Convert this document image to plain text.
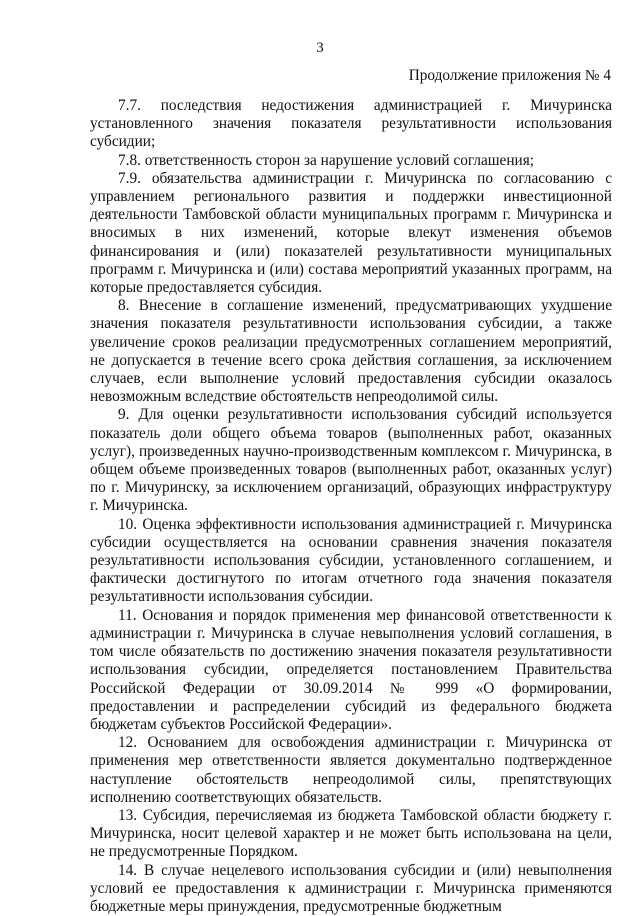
3
Продолжение приложения № 4

7.7. последствия недостижения администрацией г. Мичуринска установленного значения показателя результативности использования субсидии;

7.8. ответственность сторон за нарушение условий соглашения;

7.9. обязательства администрации г. Мичуринска по согласованию с управлением регионального развития и поддержки инвестиционной деятельности Тамбовской области муниципальных программ г. Мичуринска и вносимых в них изменений, которые влекут изменения объемов финансирования и (или) показателей результативности муниципальных программ г. Мичуринска и (или) состава мероприятий указанных программ, на которые предоставляется субсидия.

8. Внесение в соглашение изменений, предусматривающих ухудшение значения показателя результативности использования субсидии, а также увеличение сроков реализации предусмотренных соглашением мероприятий, не допускается в течение всего срока действия соглашения, за исключением случаев, если выполнение условий предоставления субсидии оказалось невозможным вследствие обстоятельств непреодолимой силы.

9. Для оценки результативности использования субсидий используется показатель доли общего объема товаров (выполненных работ, оказанных услуг), произведенных научно-производственным комплексом г. Мичуринска, в общем объеме произведенных товаров (выполненных работ, оказанных услуг) по г. Мичуринску, за исключением организаций, образующих инфраструктуру г. Мичуринска.

10. Оценка эффективности использования администрацией г. Мичуринска субсидии осуществляется на основании сравнения значения показателя результативности использования субсидии, установленного соглашением, и фактически достигнутого по итогам отчетного года значения показателя результативности использования субсидии.

11. Основания и порядок применения мер финансовой ответственности к администрации г. Мичуринска в случае невыполнения условий соглашения, в том числе обязательств по достижению значения показателя результативности использования субсидии, определяется постановлением Правительства Российской Федерации от 30.09.2014 № 999 «О формировании, предоставлении и распределении субсидий из федерального бюджета бюджетам субъектов Российской Федерации».

12. Основанием для освобождения администрации г. Мичуринска от применения мер ответственности является документально подтвержденное наступление обстоятельств непреодолимой силы, препятствующих исполнению соответствующих обязательств.

13. Субсидия, перечисляемая из бюджета Тамбовской области бюджету г. Мичуринска, носит целевой характер и не может быть использована на цели, не предусмотренные Порядком.

14. В случае нецелевого использования субсидии и (или) невыполнения условий ее предоставления к администрации г. Мичуринска применяются бюджетные меры принуждения, предусмотренные бюджетным
